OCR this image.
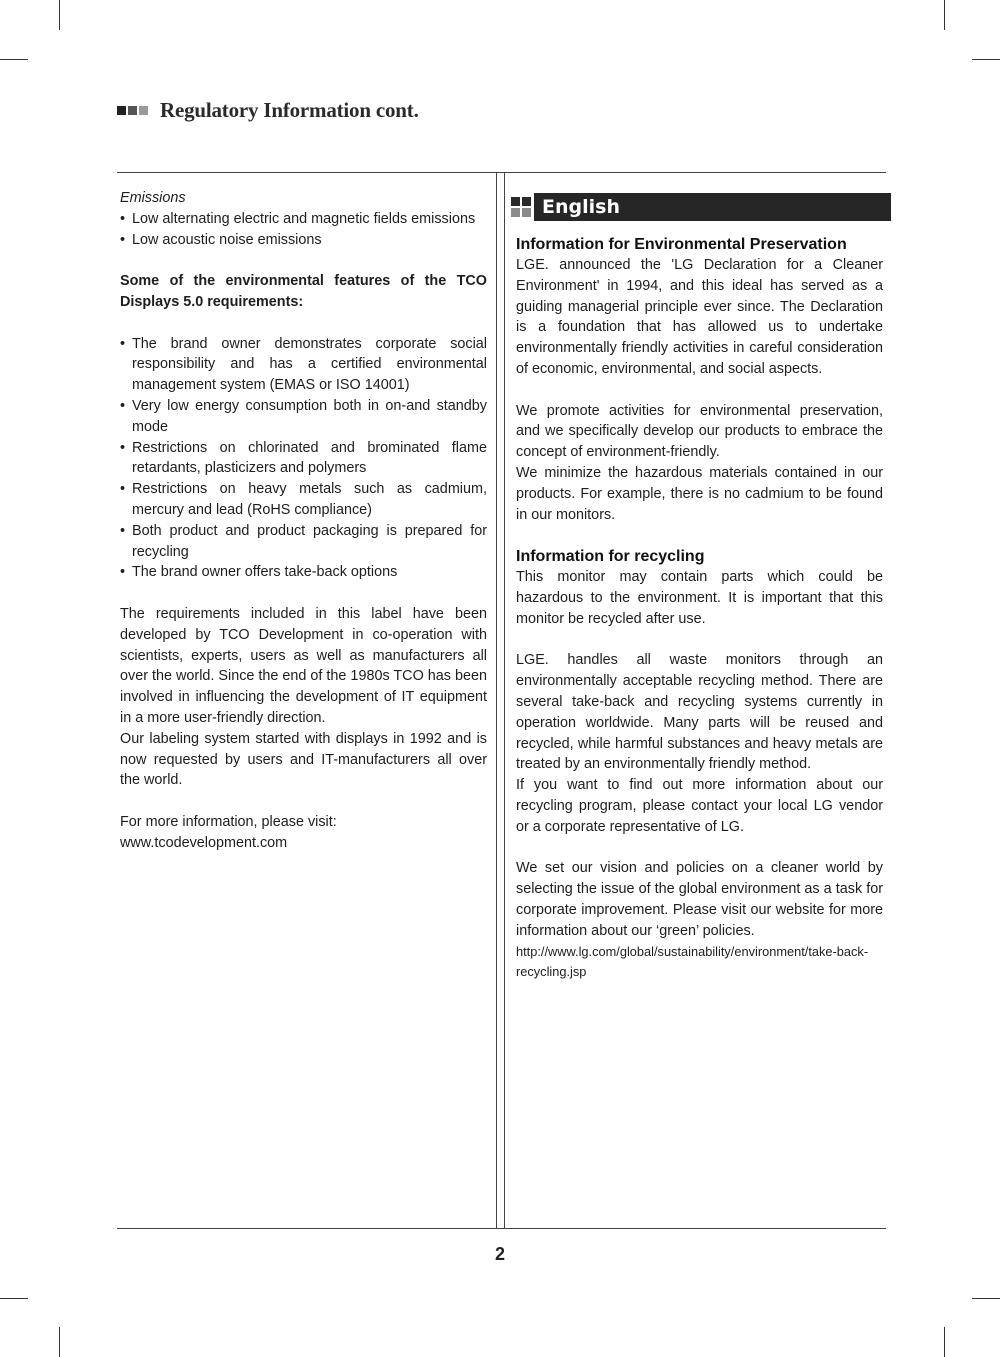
Regulatory Information cont.

Emissions

• Low alternating electric and magnetic fields emissions
• Low acoustic noise emissions

Some of the environmental features of the TCO Displays 5.0 requirements:

• The brand owner demonstrates corporate social responsibility and has a certified environmental management system (EMAS or ISO 14001)
• Very low energy consumption both in on-and standby mode
• Restrictions on chlorinated and brominated flame retardants, plasticizers and polymers
• Restrictions on heavy metals such as cadmium, mercury and lead (RoHS compliance)
• Both product and product packaging is prepared for recycling
• The brand owner offers take-back options

The requirements included in this label have been developed by TCO Development in co-operation with scientists, experts, users as well as manufacturers all over the world. Since the end of the 1980s TCO has been involved in influencing the development of IT equipment in a more user-friendly direction.

Our labeling system started with displays in 1992 and is now requested by users and IT-manufacturers all over the world.

For more information, please visit:

www.tcodevelopment.com

English

Information for Environmental Preservation

LGE. announced the 'LG Declaration for a Cleaner Environment' in 1994, and this ideal has served as a guiding managerial principle ever since. The Declaration is a foundation that has allowed us to undertake environmentally friendly activities in careful consideration of economic, environmental, and social aspects.

We promote activities for environmental preservation, and we specifically develop our products to embrace the concept of environment-friendly.

We minimize the hazardous materials contained in our products. For example, there is no cadmium to be found in our monitors.

Information for recycling

This monitor may contain parts which could be hazardous to the environment. It is important that this monitor be recycled after use.

LGE. handles all waste monitors through an environmentally acceptable recycling method. There are several take-back and recycling systems currently in operation worldwide. Many parts will be reused and recycled, while harmful substances and heavy metals are treated by an environmentally friendly method.

If you want to find out more information about our recycling program, please contact your local LG vendor or a corporate representative of LG.

We set our vision and policies on a cleaner world by selecting the issue of the global environment as a task for corporate improvement. Please visit our website for more information about our ‘green’ policies.

http://www.lg.com/global/sustainability/environment/take-back-recycling.jsp

2
